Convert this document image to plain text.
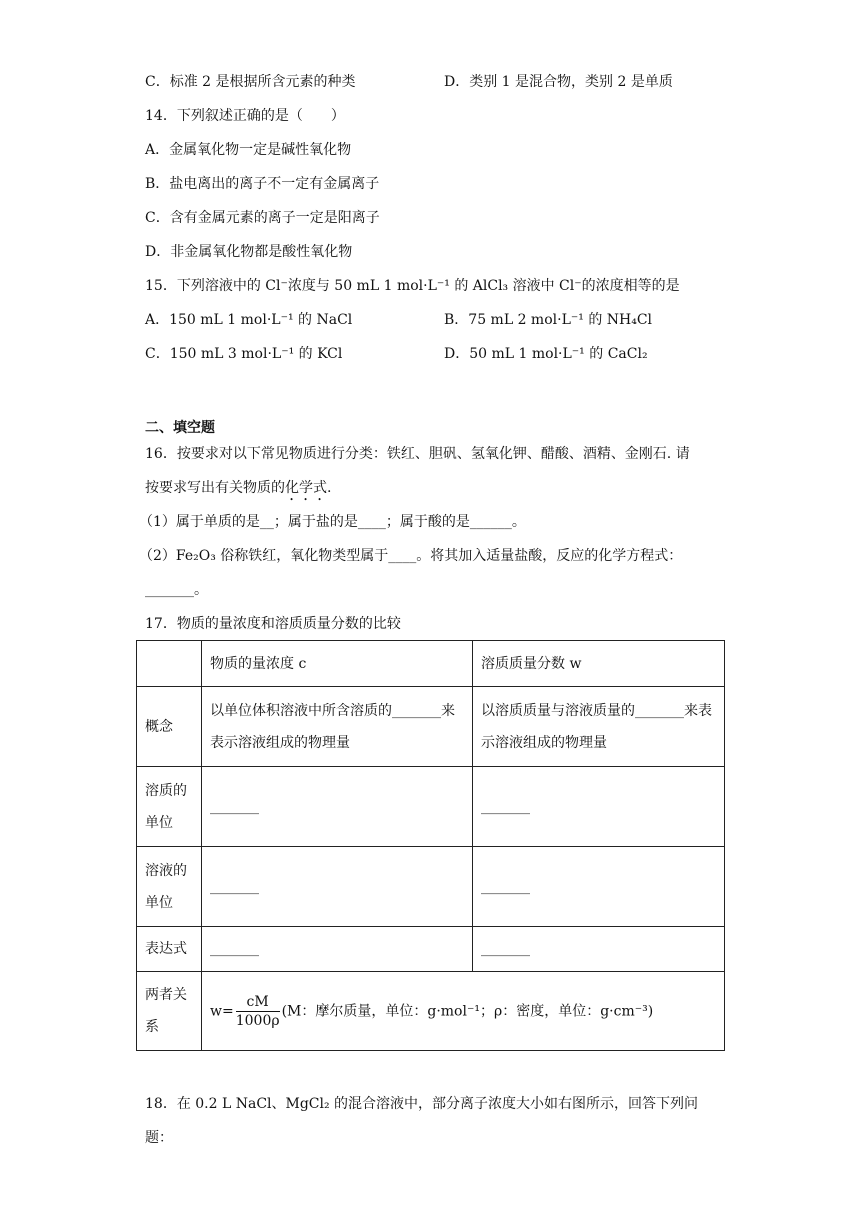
C．标准 2 是根据所含元素的种类	D．类别 1 是混合物，类别 2 是单质
14．下列叙述正确的是（　　）
A．金属氧化物一定是碱性氧化物
B．盐电离出的离子不一定有金属离子
C．含有金属元素的离子一定是阳离子
D．非金属氧化物都是酸性氧化物
15．下列溶液中的 Cl⁻浓度与 50 mL 1 mol·L⁻¹ 的 AlCl₃ 溶液中 Cl⁻的浓度相等的是
A．150 mL 1 mol·L⁻¹ 的 NaCl	B．75 mL 2 mol·L⁻¹ 的 NH₄Cl
C．150 mL 3 mol·L⁻¹ 的 KCl	D．50 mL 1 mol·L⁻¹ 的 CaCl₂
二、填空题
16．按要求对以下常见物质进行分类：铁红、胆矾、氢氧化钾、醋酸、酒精、金刚石. 请
按要求写出有关物质的化学式.
（1）属于单质的是__；属于盐的是____；属于酸的是______。
（2）Fe₂O₃ 俗称铁红，氧化物类型属于____。将其加入适量盐酸，反应的化学方程式：
_______。
17．物质的量浓度和溶质质量分数的比较
	物质的量浓度 c	溶质质量分数 w
概念	以单位体积溶液中所含溶质的_______来表示溶液组成的物理量	以溶质质量与溶液质量的_______来表示溶液组成的物理量
溶质的单位	_______	_______
溶液的单位	_______	_______
表达式	_______	_______
两者关系	$w= \frac{cM}{1000\rho} (M$：摩尔质量，单位：g·mol⁻¹；ρ：密度，单位：g·cm⁻³)	
18．在 0.2 L NaCl、MgCl₂ 的混合溶液中，部分离子浓度大小如右图所示，回答下列问
题：
